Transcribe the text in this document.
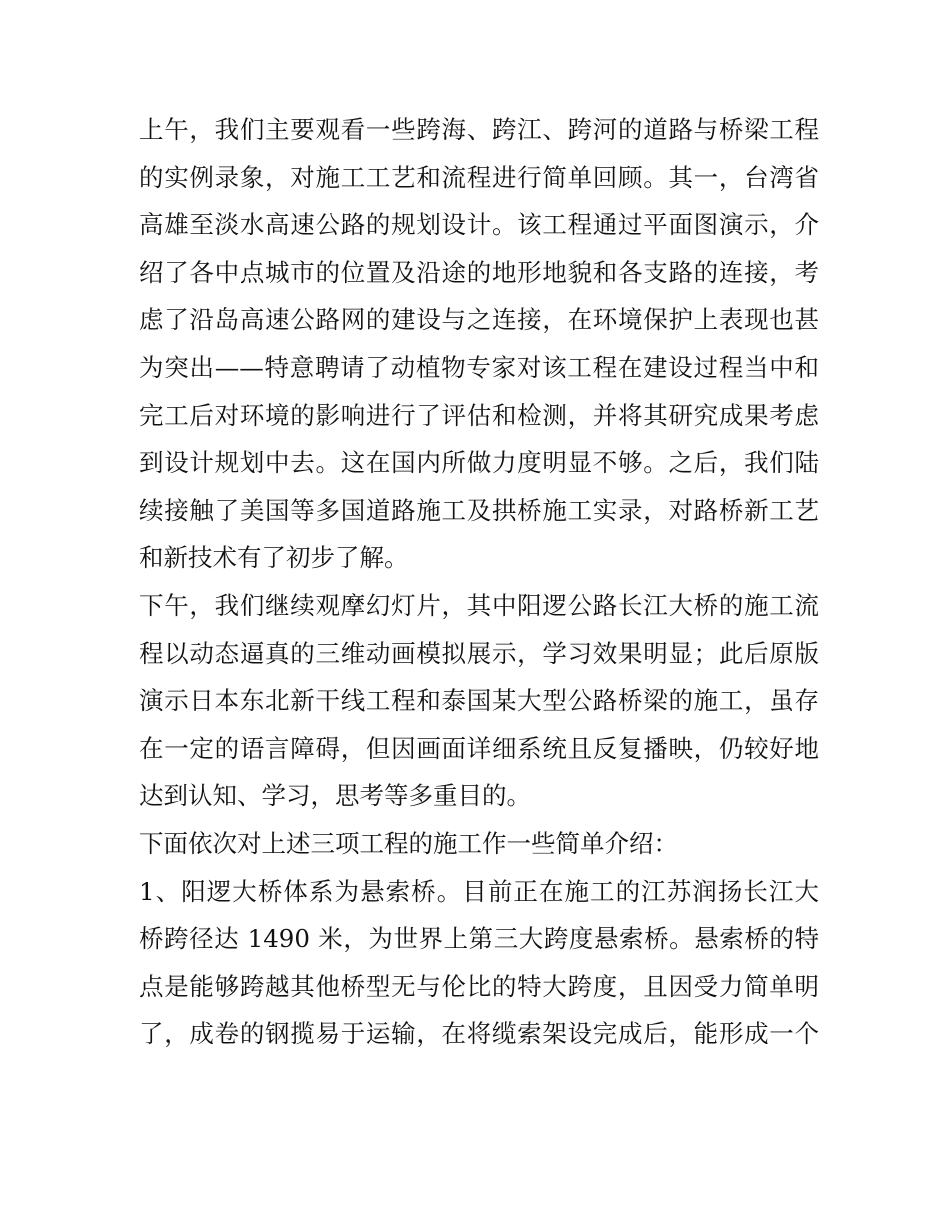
上午，我们主要观看一些跨海、跨江、跨河的道路与桥梁工程
的实例录象，对施工工艺和流程进行简单回顾。其一，台湾省
高雄至淡水高速公路的规划设计。该工程通过平面图演示，介
绍了各中点城市的位置及沿途的地形地貌和各支路的连接，考
虑了沿岛高速公路网的建设与之连接，在环境保护上表现也甚
为突出——特意聘请了动植物专家对该工程在建设过程当中和
完工后对环境的影响进行了评估和检测，并将其研究成果考虑
到设计规划中去。这在国内所做力度明显不够。之后，我们陆
续接触了美国等多国道路施工及拱桥施工实录，对路桥新工艺
和新技术有了初步了解。
下午，我们继续观摩幻灯片，其中阳逻公路长江大桥的施工流
程以动态逼真的三维动画模拟展示，学习效果明显；此后原版
演示日本东北新干线工程和泰国某大型公路桥梁的施工，虽存
在一定的语言障碍，但因画面详细系统且反复播映，仍较好地
达到认知、学习，思考等多重目的。
下面依次对上述三项工程的施工作一些简单介绍：
1、阳逻大桥体系为悬索桥。目前正在施工的江苏润扬长江大
桥跨径达 1490 米，为世界上第三大跨度悬索桥。悬索桥的特
点是能够跨越其他桥型无与伦比的特大跨度，且因受力简单明
了，成卷的钢揽易于运输，在将缆索架设完成后，能形成一个
